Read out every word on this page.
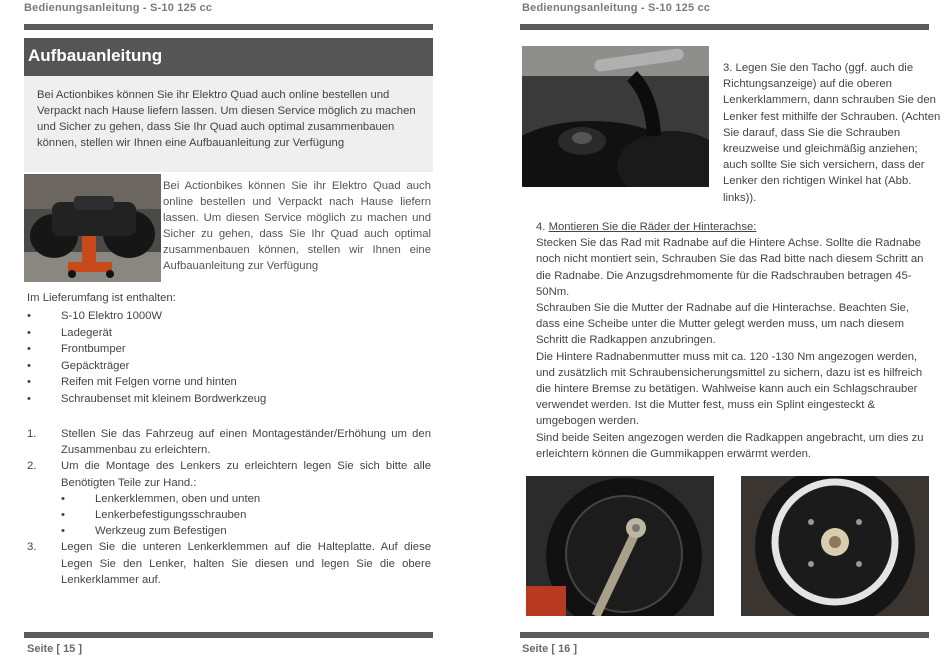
Bedienungsanleitung - S-10 125 cc
Aufbauanleitung
Bei Actionbikes können Sie ihr Elektro Quad auch online bestellen und Verpackt nach Hause liefern lassen. Um diesen Service möglich zu machen und Sicher zu gehen, dass Sie Ihr Quad auch optimal zusammenbauen können, stellen wir Ihnen eine Aufbauanleitung zur Verfügung
Bei Actionbikes können Sie ihr Elektro Quad auch online bestellen und Verpackt nach Hause liefern lassen. Um diesen Service möglich zu machen und Sicher zu gehen, dass Sie Ihr Quad auch optimal zusammenbauen können, stellen wir Ihnen eine Aufbauanleitung zur Verfügung
Im Lieferumfang ist enthalten:
•	S-10 Elektro 1000W
•	Ladegerät
•	Frontbumper
•	Gepäckträger
•	Reifen mit Felgen vorne und hinten
•	Schraubenset mit kleinem Bordwerkzeug
1. Stellen Sie das Fahrzeug auf einen Montageständer/Erhöhung um den Zusammenbau zu erleichtern.
2. Um die Montage des Lenkers zu erleichtern legen Sie sich bitte alle Benötigten Teile zur Hand.:
•	Lenkerklemmen, oben und unten
•	Lenkerbefestigungsschrauben
•	Werkzeug zum Befestigen
3. Legen Sie die unteren Lenkerklemmen auf die Halteplatte. Auf diese Legen Sie den Lenker, halten Sie diesen und legen Sie die obere Lenkerklammer auf.
Seite [ 15 ]
Bedienungsanleitung - S-10 125 cc
3. Legen Sie den Tacho (ggf. auch die Richtungsanzeige) auf die oberen Lenkerklammern, dann schrauben Sie den Lenker fest mithilfe der Schrauben. (Achten Sie darauf, dass Sie die Schrauben kreuzweise und gleichmäßig anziehen; auch sollte Sie sich versichern, dass der Lenker den richtigen Winkel hat (Abb. links)).
4. Montieren Sie die Räder der Hinterachse:
Stecken Sie das Rad mit Radnabe auf die Hintere Achse. Sollte die Radnabe noch nicht montiert sein, Schrauben Sie das Rad bitte nach diesem Schritt an die Radnabe. Die Anzugsdrehmomente für die Radschrauben betragen 45-50Nm.
Schrauben Sie die Mutter der Radnabe auf die Hinterachse. Beachten Sie, dass eine Scheibe unter die Mutter gelegt werden muss, um nach diesem Schritt die Radkappen anzubringen.
Die Hintere Radnabenmutter muss mit ca. 120 -130 Nm angezogen werden, und zusätzlich mit Schraubensicherungsmittel zu sichern, dazu ist es hilfreich die hintere Bremse zu betätigen. Wahlweise kann auch ein Schlagschrauber verwendet werden. Ist die Mutter fest, muss ein Splint eingesteckt & umgebogen werden.
Sind beide Seiten angezogen werden die Radkappen angebracht, um dies zu erleichtern können die Gummikappen erwärmt werden.
Seite [ 16 ]
